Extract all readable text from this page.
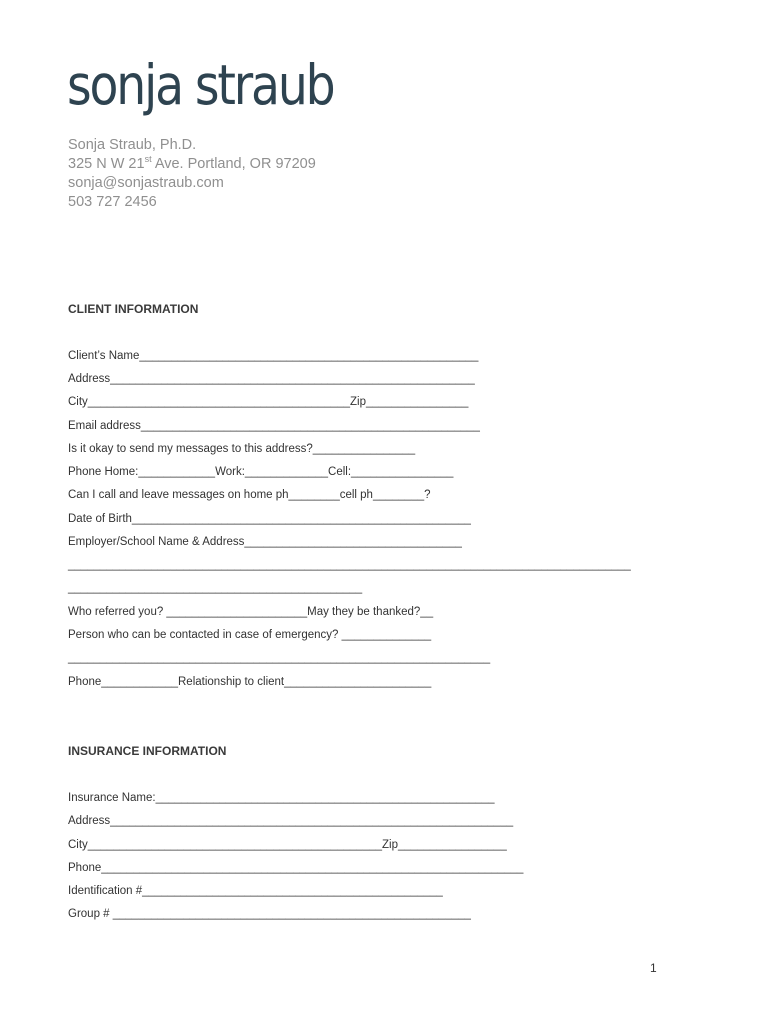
sonja straub
Sonja Straub, Ph.D.
325 N W 21st Ave. Portland, OR 97209
sonja@sonjastraub.com
503 727 2456
CLIENT INFORMATION
Client’s Name_____________________________________________________
Address_________________________________________________________
City_________________________________________Zip________________
Email address_____________________________________________________
Is it okay to send my messages to this address?________________
Phone Home:____________Work:_____________Cell:________________
Can I call and leave messages on home ph________cell ph________?
Date of Birth_____________________________________________________
Employer/School Name & Address__________________________________
________________________________________________________________________________________
______________________________________________
Who referred you? ______________________May they be thanked?__
Person who can be contacted in case of emergency? ______________
__________________________________________________________________
Phone____________Relationship to client_______________________
INSURANCE INFORMATION
Insurance Name:_____________________________________________________
Address_______________________________________________________________
City______________________________________________Zip_________________
Phone__________________________________________________________________
Identification #_______________________________________________
Group # ________________________________________________________
1
